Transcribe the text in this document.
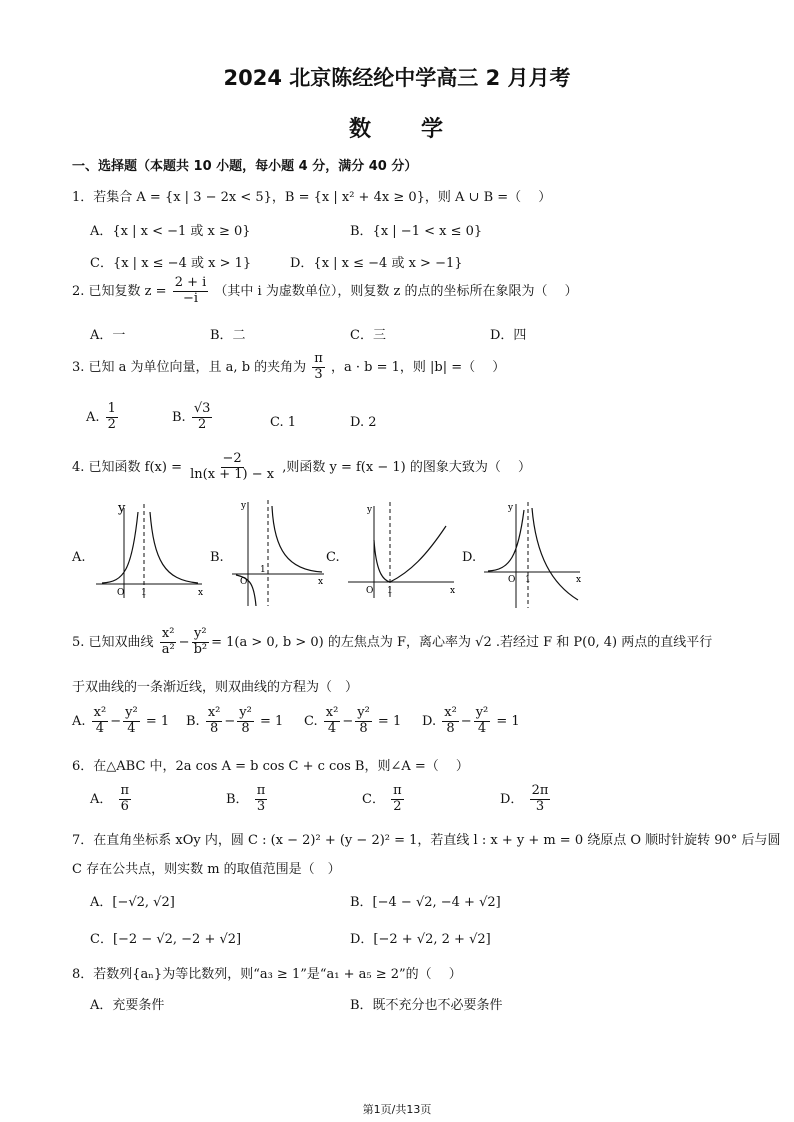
2024 北京陈经纶中学高三 2 月月考
数　　学
一、选择题（本题共 10 小题，每小题 4 分，满分 40 分）
1．若集合 A = {x | 3 − 2x < 5}，B = {x | x² + 4x ≥ 0}，则 A ∪ B =（　 ）
A．{x | x < −1 或 x ≥ 0}	B．{x | −1 < x ≤ 0}
C．{x | x ≤ −4 或 x > 1}	D．{x | x ≤ −4 或 x > −1}
2. 已知复数 $z = \frac{2 + i}{-i}$ （其中 i 为虚数单位），则复数 z 的点的坐标所在象限为（　 ）
A．一	B．二	C．三	D．四
3. 已知 a 为单位向量，且 a, b 的夹角为 $\frac{\pi}{3}$ ，a · b = 1，则 |b| =（　 ）
A. $\frac{1}{2}$	B. $\frac{√3}{2}$	C. 1	D. 2
4. 已知函数 $f(x) = \frac{-2}{\ln(x + 1) - x}$ ,则函数 y = f(x − 1) 的图象大致为（　 ）
A.	B.	C.	D.
y
x
O 1
y
x
O
1
y
x
O 1
y
x
O 1
5. 已知双曲线 $\frac{\text{x²}}{\text{a²}} - \frac{\text{y²}}{\text{b²}} = 1(a > 0$, b > 0) 的左焦点为 F，离心率为 √2 .若经过 F 和 P(0, 4) 两点的直线平行
于双曲线的一条渐近线，则双曲线的方程为（　）
A. $\frac{\text{x²}}{4} - \frac{\text{y²}}{4} = 1$ B. $\frac{\text{x²}}{8} - \frac{\text{y²}}{8} = 1$ C. $\frac{\text{x²}}{4} - \frac{\text{y²}}{8} = 1$ D. $\frac{\text{x²}}{8} - \frac{\text{y²}}{4} = 1$
6．在△ABC 中，2a cos A = b cos C + c cos B，则∠A =（　 ）
A． $\frac{\pi}{6}$	B． $\frac{\pi}{3}$	C． $\frac{\pi}{2}$	D． $\frac{2\pi}{3}$
7．在直角坐标系 xOy 内，圆 C : (x − 2)² + (y − 2)² = 1，若直线 l : x + y + m = 0 绕原点 O 顺时针旋转 90° 后与圆
C 存在公共点，则实数 m 的取值范围是（　）
A．[−√2, √2]	B．[−4 − √2, −4 + √2]
C．[−2 − √2, −2 + √2]	D．[−2 + √2, 2 + √2]
8．若数列{aₙ}为等比数列，则“a₃ ≥ 1”是“a₁ + a₅ ≥ 2”的（　 ）
A．充要条件	B．既不充分也不必要条件
第1页/共13页
